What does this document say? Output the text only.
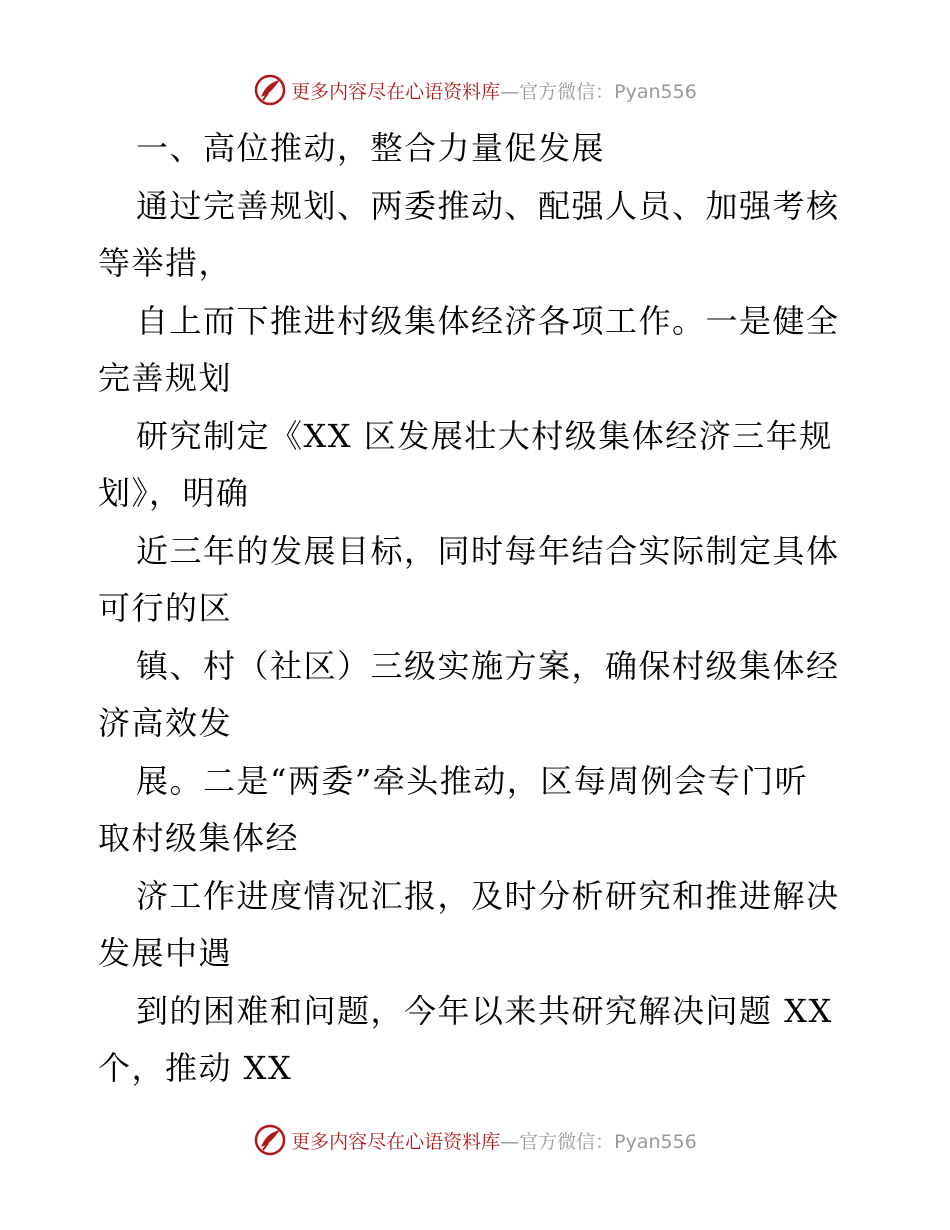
更多内容尽在心语资料库 —官方微信：Pyan556

一、高位推动，整合力量促发展

通过完善规划、两委推动、配强人员、加强考核
等举措，

自上而下推进村级集体经济各项工作。一是健全
完善规划

研究制定《XX 区发展壮大村级集体经济三年规
划》，明确

近三年的发展目标，同时每年结合实际制定具体
可行的区

镇、村（社区）三级实施方案，确保村级集体经
济高效发

展。二是“两委”牵头推动，区每周例会专门听
取村级集体经

济工作进度情况汇报，及时分析研究和推进解决
发展中遇

到的困难和问题，今年以来共研究解决问题 XX
个，推动 XX

更多内容尽在心语资料库 —官方微信：Pyan556
